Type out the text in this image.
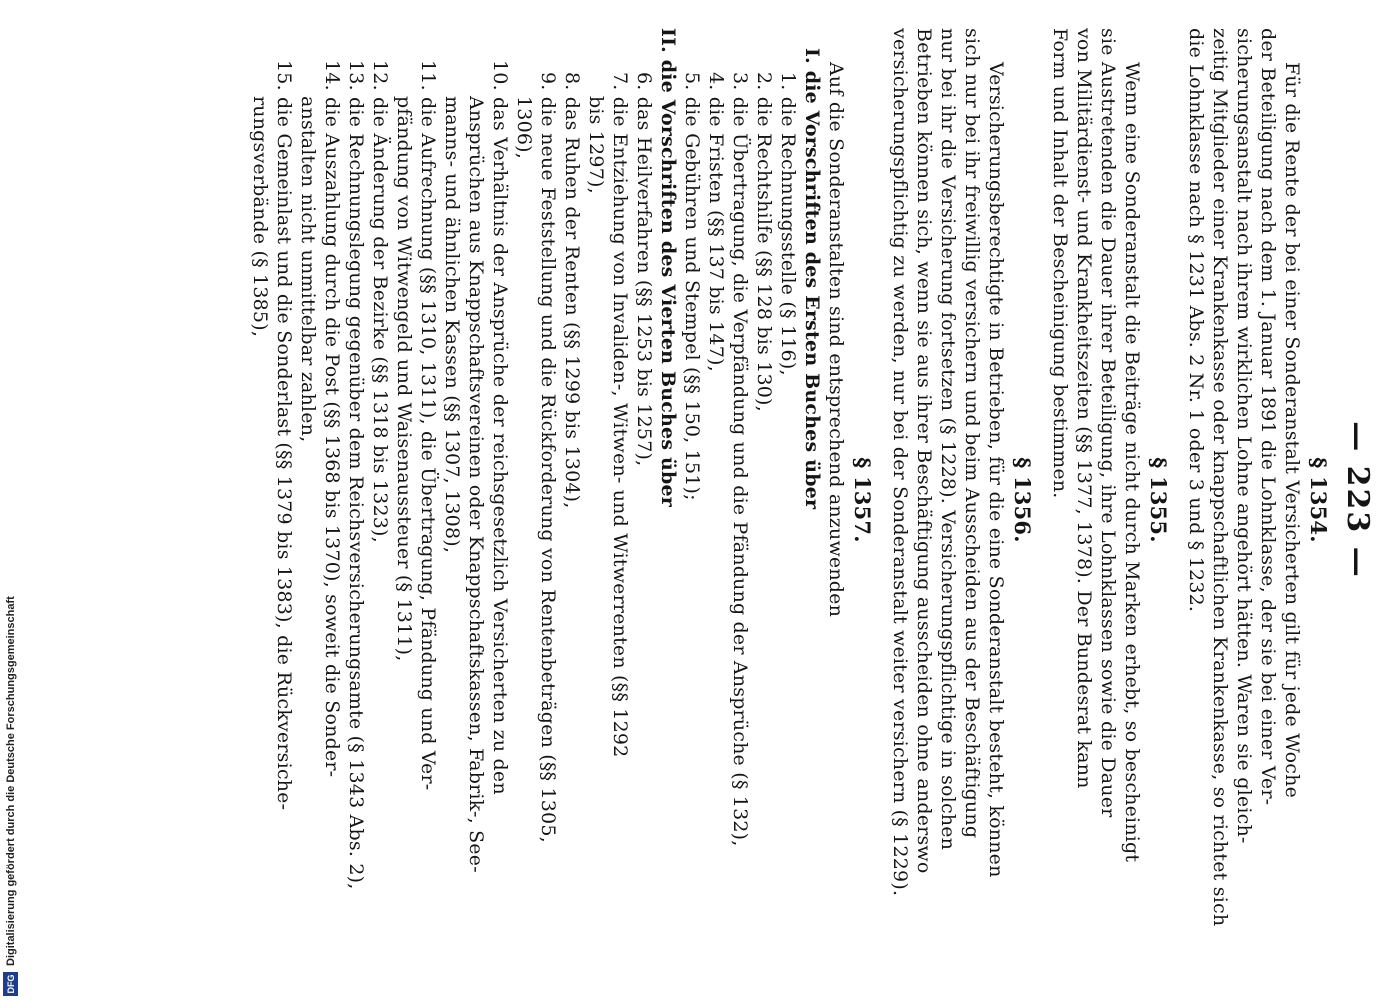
— 223 —
§ 1354.
Für die Rente der bei einer Sonderanstalt Versicherten gilt für jede Woche
der Beteiligung nach dem 1. Januar 1891 die Lohnklasse, der sie bei einer Ver-
sicherungsanstalt nach ihrem wirklichen Lohne angehört hätten. Waren sie gleich-
zeitig Mitglieder einer Krankenkasse oder knappschaftlichen Krankenkasse, so richtet sich
die Lohnklasse nach § 1231 Abs. 2 Nr. 1 oder 3 und § 1232.
§ 1355.
Wenn eine Sonderanstalt die Beiträge nicht durch Marken erhebt, so bescheinigt
sie Austretenden die Dauer ihrer Beteiligung, ihre Lohnklassen sowie die Dauer
von Militärdienst- und Krankheitszeiten (§§ 1377, 1378). Der Bundesrat kann
Form und Inhalt der Bescheinigung bestimmen.
§ 1356.
Versicherungsberechtigte in Betrieben, für die eine Sonderanstalt besteht, können
sich nur bei ihr freiwillig versichern und beim Ausscheiden aus der Beschäftigung
nur bei ihr die Versicherung fortsetzen (§ 1228). Versicherungspflichtige in solchen
Betrieben können sich, wenn sie aus ihrer Beschäftigung ausscheiden ohne anderswo
versicherungspflichtig zu werden, nur bei der Sonderanstalt weiter versichern (§ 1229).
§ 1357.
Auf die Sonderanstalten sind entsprechend anzuwenden
I. die Vorschriften des Ersten Buches über
1. die Rechnungsstelle (§ 116),
2. die Rechtshilfe (§§ 128 bis 130),
3. die Übertragung, die Verpfändung und die Pfändung der Ansprüche (§ 132),
4. die Fristen (§§ 137 bis 147),
5. die Gebühren und Stempel (§§ 150, 151);
II. die Vorschriften des Vierten Buches über
6. das Heilverfahren (§§ 1253 bis 1257),
7. die Entziehung von Invaliden-, Witwen- und Witwerrenten (§§ 1292
bis 1297),
8. das Ruhen der Renten (§§ 1299 bis 1304),
9. die neue Feststellung und die Rückforderung von Rentenbeträgen (§§ 1305,
1306),
10. das Verhältnis der Ansprüche der reichsgesetzlich Versicherten zu den
Ansprüchen aus Knappschaftsvereinen oder Knappschaftskassen, Fabrik-, See-
manns- und ähnlichen Kassen (§§ 1307, 1308),
11. die Aufrechnung (§§ 1310, 1311), die Übertragung, Pfändung und Ver-
pfändung von Witwengeld und Waisenaussteuer (§ 1311),
12. die Änderung der Bezirke (§§ 1318 bis 1323),
13. die Rechnungslegung gegenüber dem Reichsversicherungsamte (§ 1343 Abs. 2),
14. die Auszahlung durch die Post (§§ 1368 bis 1370), soweit die Sonder-
anstalten nicht unmittelbar zahlen,
15. die Gemeinlast und die Sonderlast (§§ 1379 bis 1383), die Rückversiche-
rungsverbände (§ 1385),
DFG
Digitalisierung gefördert durch die Deutsche Forschungsgemeinschaft
